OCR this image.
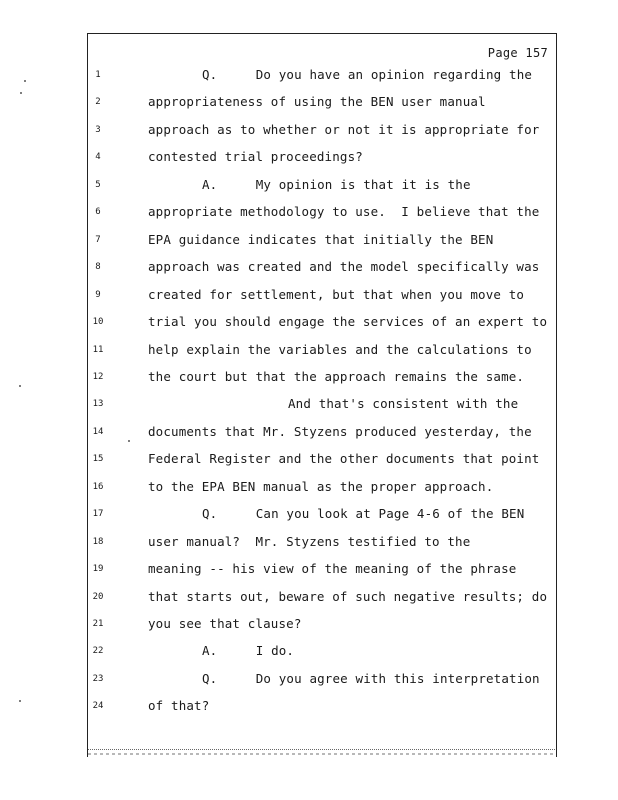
Page 157
1	Q.     Do you have an opinion regarding the
2	appropriateness of using the BEN user manual
3	approach as to whether or not it is appropriate for
4	contested trial proceedings?
5	A.     My opinion is that it is the
6	appropriate methodology to use.  I believe that the
7	EPA guidance indicates that initially the BEN
8	approach was created and the model specifically was
9	created for settlement, but that when you move to
10	trial you should engage the services of an expert to
11	help explain the variables and the calculations to
12	the court but that the approach remains the same.
13	And that's consistent with the
14	documents that Mr. Styzens produced yesterday, the
15	Federal Register and the other documents that point
16	to the EPA BEN manual as the proper approach.
17	Q.     Can you look at Page 4-6 of the BEN
18	user manual?  Mr. Styzens testified to the
19	meaning -- his view of the meaning of the phrase
20	that starts out, beware of such negative results; do
21	you see that clause?
22	A.     I do.
23	Q.     Do you agree with this interpretation
24	of that?
